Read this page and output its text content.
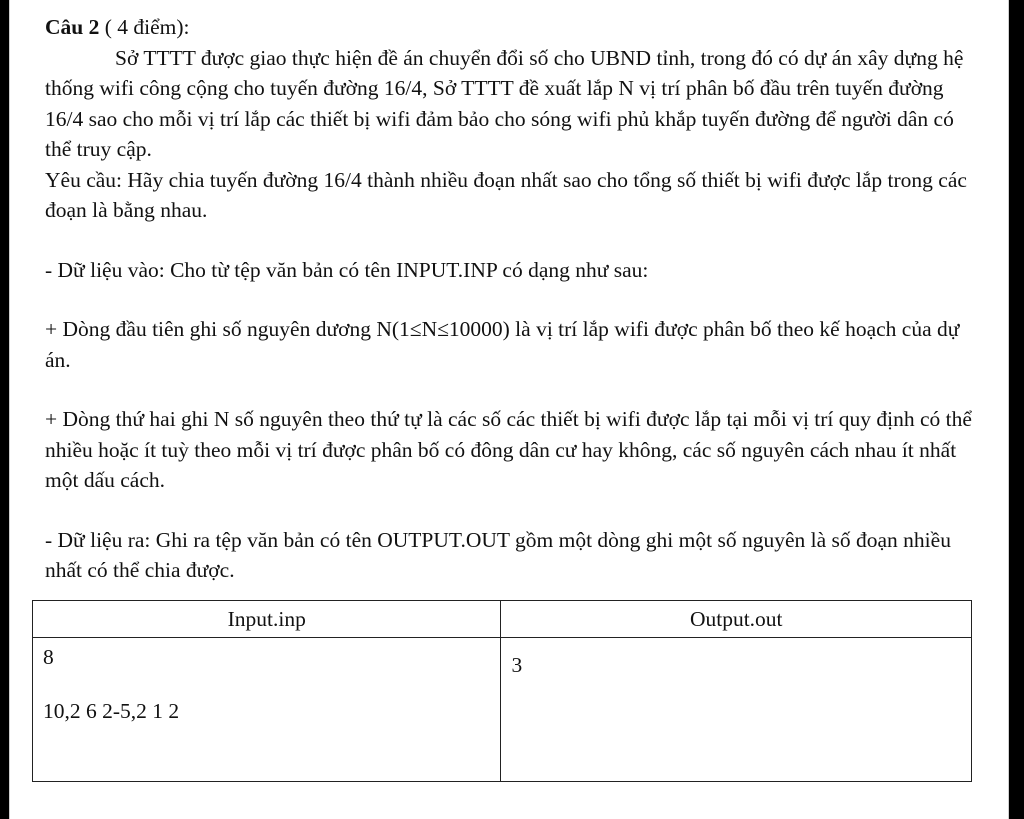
Câu 2 ( 4 điểm):

Sở TTTT được giao thực hiện đề án chuyển đổi số cho UBND tỉnh, trong đó có dự án xây dựng hệ thống wifi công cộng cho tuyến đường 16/4, Sở TTTT đề xuất lắp N vị trí phân bố đầu trên tuyến đường 16/4 sao cho mỗi vị trí lắp các thiết bị wifi đảm bảo cho sóng wifi phủ khắp tuyến đường để người dân có thể truy cập.

Yêu cầu: Hãy chia tuyến đường 16/4 thành nhiều đoạn nhất sao cho tổng số thiết bị wifi được lắp trong các đoạn là bằng nhau.

- Dữ liệu vào: Cho từ tệp văn bản có tên INPUT.INP có dạng như sau:

+ Dòng đầu tiên ghi số nguyên dương N(1≤N≤10000) là vị trí lắp wifi được phân bố theo kế hoạch của dự án.

+ Dòng thứ hai ghi N số nguyên theo thứ tự là các số các thiết bị wifi được lắp tại mỗi vị trí quy định có thể nhiều hoặc ít tuỳ theo mỗi vị trí được phân bố có đông dân cư hay không, các số nguyên cách nhau ít nhất một dấu cách.

- Dữ liệu ra: Ghi ra tệp văn bản có tên OUTPUT.OUT gồm một dòng ghi một số nguyên là số đoạn nhiều nhất có thể chia được.

Input.inp	Output.out

8
10,2 6 2-5,2 1 2	3
